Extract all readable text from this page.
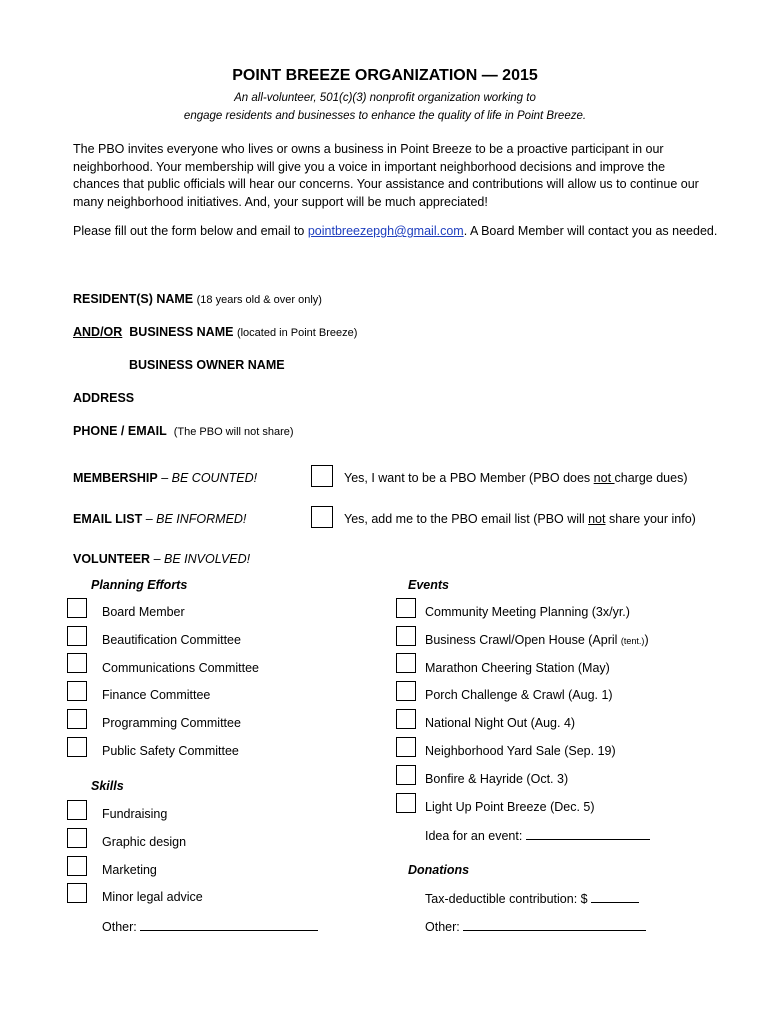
POINT BREEZE ORGANIZATION — 2015
An all-volunteer, 501(c)(3) nonprofit organization working to
engage residents and businesses to enhance the quality of life in Point Breeze.

The PBO invites everyone who lives or owns a business in Point Breeze to be a proactive participant in our neighborhood. Your membership will give you a voice in important neighborhood decisions and improve the chances that public officials will hear our concerns. Your assistance and contributions will allow us to continue our many neighborhood initiatives. And, your support will be much appreciated!

Please fill out the form below and email to pointbreezepgh@gmail.com. A Board Member will contact you as needed.
RESIDENT(S) NAME (18 years old & over only)
AND/OR BUSINESS NAME (located in Point Breeze)
BUSINESS OWNER NAME
ADDRESS
PHONE / EMAIL (The PBO will not share)
MEMBERSHIP – BE COUNTED!	Yes, I want to be a PBO Member (PBO does not charge dues)
EMAIL LIST – BE INFORMED!	Yes, add me to the PBO email list (PBO will not share your info)
VOLUNTEER – BE INVOLVED!
Planning Efforts	Events
Board Member
Beautification Committee
Communications Committee
Finance Committee
Programming Committee
Public Safety Committee
Skills
Fundraising
Graphic design
Marketing
Minor legal advice
Other:
Community Meeting Planning (3x/yr.)
Business Crawl/Open House (April (tent.))
Marathon Cheering Station (May)
Porch Challenge & Crawl (Aug. 1)
National Night Out (Aug. 4)
Neighborhood Yard Sale (Sep. 19)
Bonfire & Hayride (Oct. 3)
Light Up Point Breeze (Dec. 5)
Idea for an event:
Donations
Tax-deductible contribution: $
Other:
